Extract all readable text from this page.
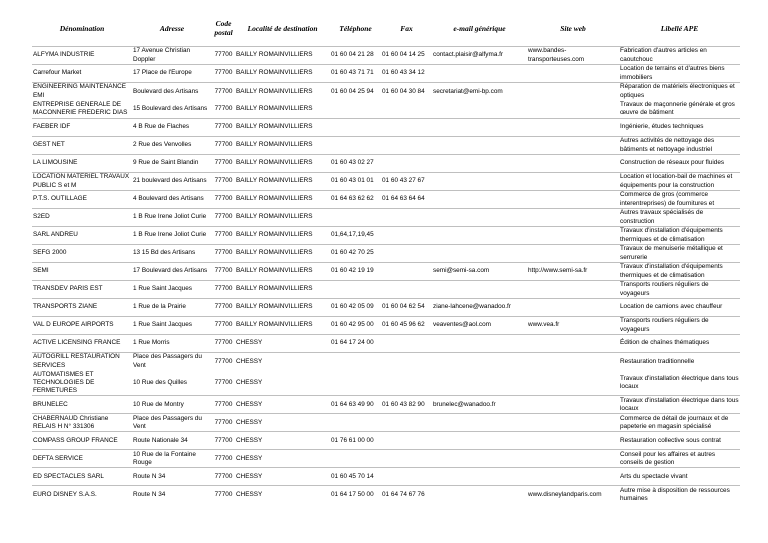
Dénomination	Adresse	Code postal	Localité de destination	Téléphone	Fax	e-mail générique	Site web	Libellé APE
ALFYMA INDUSTRIE	17 Avenue Christian Doppler	77700	BAILLY ROMAINVILLIERS	01 60 04 21 28	01 60 04 14 25	contact.plaisir@alfyma.fr	www.bandes-transporteuses.com	Fabrication d'autres articles en caoutchouc
Carrefour Market	17 Place de l'Europe	77700	BAILLY ROMAINVILLIERS	01 60 43 71 71	01 60 43 34 12			Location de terrains et d'autres biens immobiliers
ENGINEERING MAINTENANCE EMI	Boulevard des Artisans	77700	BAILLY ROMAINVILLIERS	01 60 04 25 94	01 60 04 30 84	secretariat@emi-bp.com		Réparation de matériels électroniques et optiques
ENTREPRISE GENERALE DE MACONNERIE FREDERIC DIAS	15 Boulevard des Artisans	77700	BAILLY ROMAINVILLIERS					Travaux de maçonnerie générale et gros œuvre de bâtiment
FAEBER IDF	4 B Rue de Flaches	77700	BAILLY ROMAINVILLIERS					Ingénierie, études techniques
GEST NET	2 Rue des Venvolles	77700	BAILLY ROMAINVILLIERS					Autres activités de nettoyage des bâtiments et nettoyage industriel
LA LIMOUSINE	9 Rue de Saint Blandin	77700	BAILLY ROMAINVILLIERS	01 60 43 02 27				Construction de réseaux pour fluides
LOCATION MATERIEL TRAVAUX PUBLIC S et M	21 boulevard des Artisans	77700	BAILLY ROMAINVILLIERS	01 60 43 01 01	01 60 43 27 67			Location et location-bail de machines et équipements pour la construction
P.T.S. OUTILLAGE	4 Boulevard des Artisans	77700	BAILLY ROMAINVILLIERS	01 64 63 62 62	01 64 63 64 64			Commerce de gros (commerce interentreprises) de fournitures et
S2ED	1 B Rue Irene Joliot Curie	77700	BAILLY ROMAINVILLIERS					Autres travaux spécialisés de construction
SARL ANDREU	1 B Rue Irene Joliot Curie	77700	BAILLY ROMAINVILLIERS	01,64,17,19,45				Travaux d'installation d'équipements thermiques et de climatisation
SEFG 2000	13 15 Bd des Artisans	77700	BAILLY ROMAINVILLIERS	01 60 42 70 25				Travaux de menuiserie métallique et serrurerie
SEMI	17 Boulevard des Artisans	77700	BAILLY ROMAINVILLIERS	01 60 42 19 19		semi@semi-sa.com	http://www.semi-sa.fr	Travaux d'installation d'équipements thermiques et de climatisation
TRANSDEV PARIS EST	1 Rue Saint Jacques	77700	BAILLY ROMAINVILLIERS					Transports routiers réguliers de voyageurs
TRANSPORTS ZIANE	1 Rue de la Prairie	77700	BAILLY ROMAINVILLIERS	01 60 42 05 09	01 60 04 62 54	ziane-lahcene@wanadoo.fr		Location de camions avec chauffeur
VAL D EUROPE AIRPORTS	1 Rue Saint Jacques	77700	BAILLY ROMAINVILLIERS	01 60 42 95 00	01 60 45 96 62	veaventes@aol.com	www.vea.fr	Transports routiers réguliers de voyageurs
ACTIVE LICENSING FRANCE	1 Rue Morris	77700	CHESSY	01 64 17 24 00				Édition de chaînes thématiques
AUTOGRILL RESTAURATION SERVICES	Place des Passagers du Vent	77700	CHESSY					Restauration traditionnelle
AUTOMATISMES ET TECHNOLOGIES DE FERMETURES	10 Rue des Quilles	77700	CHESSY					Travaux d'installation électrique dans tous locaux
BRUNELEC	10 Rue de Montry	77700	CHESSY	01 64 63 49 90	01 60 43 82 90	brunelec@wanadoo.fr		Travaux d'installation électrique dans tous locaux
CHABERNAUD Christiane RELAIS H N° 331306	Place des Passagers du Vent	77700	CHESSY					Commerce de détail de journaux et de papeterie en magasin spécialisé
COMPASS GROUP FRANCE	Route Nationale 34	77700	CHESSY	01 76 61 00 00				Restauration collective sous contrat
DEFTA SERVICE	10 Rue de la Fontaine Rouge	77700	CHESSY					Conseil pour les affaires et autres conseils de gestion
ED SPECTACLES SARL	Route N 34	77700	CHESSY	01 60 45 70 14				Arts du spectacle vivant
EURO DISNEY S.A.S.	Route N 34	77700	CHESSY	01 64 17 50 00	01 64 74 67 76		www.disneylandparis.com	Autre mise à disposition de ressources humaines
